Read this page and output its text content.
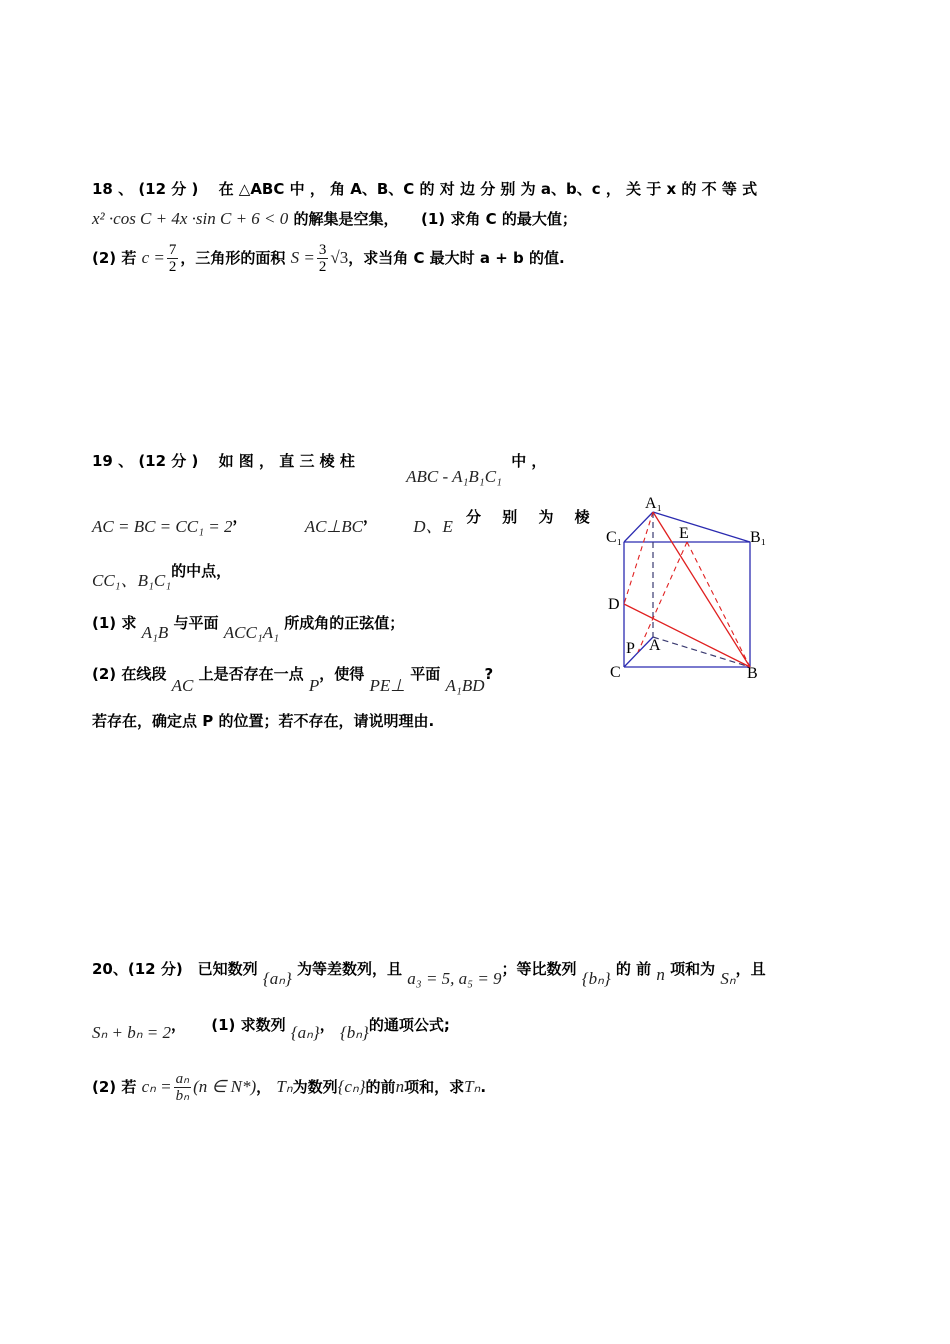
18 、 (12 分 )　 在 △ABC 中 ， 角 A、B、C 的 对 边 分 别 为 a、b、c ， 关 于 x 的 不 等 式
x² ·cos C + 4x ·sin C + 6 < 0 的解集是空集，　　(1) 求角 C 的最大值；
(2) 若 $c = \frac{7}{2}$ ，三角形的面积 $S = \frac{3}{2} √3$，求当角 C 最大时 a + b 的值.
19 、 (12 分 )　 如 图 ， 直 三 棱 柱 ABC - A₁B₁C₁ 中 ，
AC = BC = CC₁ = 2，	AC⊥BC， D、E 分 别 为 棱
CC₁、B₁C₁的中点，
(1) 求 A₁B 与平面 ACC₁A₁ 所成角的正弦值；
(2) 在线段 AC 上是否存在一点 P，使得 PE⊥ 平面 A₁BD?
若存在，确定点 P 的位置；若不存在，请说明理由.
A₁
C₁	B₁
E
D
P A
C	B
20、(12 分)　已知数列 {aₙ} 为等差数列，且 a₃ = 5, a₅ = 9；等比数列 {bₙ} 的 前 n 项和为 Sₙ，且
Sₙ + bₙ = 2， (1) 求数列 {aₙ}， {bₙ}的通项公式;
(2) 若 $c_n = \frac{\text{aₙ}}{\text{bₙ}} (n$ ∈ N*)， Tₙ为数列{cₙ}的前n项和，求Tₙ.
